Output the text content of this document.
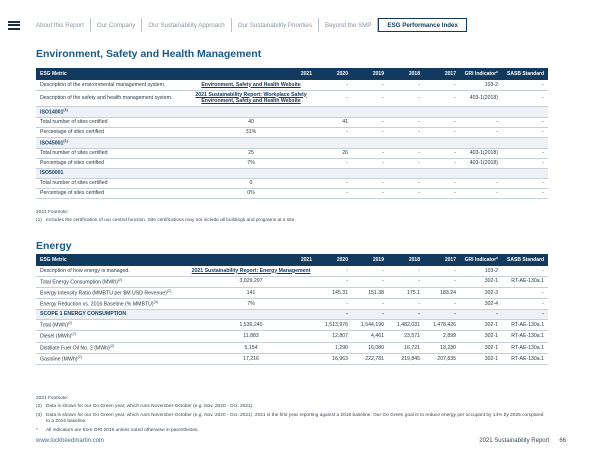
About this Report	Our Company	Our Sustainability Approach	Our Sustainability Priorities	Beyond the SMP	ESG Performance Index
Environment, Safety and Health Management
ESG Metric	2021	2020	2019	2018	2017	GRI Indicator*	SASB Standard
Description of the environmental management system.	Environment, Safety and Health Website	-	-	-	-	103-2	-
Description of the safety and health management system.	2021 Sustainability Report: Workplace Safety Environment, Safety and Health Website	-	-	-	-	403-1(2018)	-
ISO14001$^{(1)}$							
Total number of sites certified	40	41	-	-	-	-	-
Percentage of sites certified	31%	-	-	-	-	-	-
ISO45001$^{(1)}$							
Total number of sites certified	25	26	-	-	-	403-1(2018)	-
Percentage of sites certified	7%	-	-	-	-	403-1(2018)	-
ISO50001							
Total number of sites certified	0	-	-	-	-	-	-
Percentage of sites certified	0%	-	-	-	-	-	-
2021 Footnote:
(1) Includes the certification of our central function. Site certifications may not include all buildings and programs at a site.
Energy
ESG Metric	2021	2020	2019	2018	2017	GRI Indicator*	SASB Standard
Description of how energy is managed.	2021 Sustainability Report: Energy Management	-	-	-	-	103-2	-
Total Energy Consumption (MWh)$^{(2)}$	3,029,297	-	-	-	-	302-1	RT-AE-130a.1
Energy Intensity Ratio (MMBTU per $M USD Revenue)$^{(2)}$	141	145.31	151.38	175.1	183.24	302-3	-
Energy Reduction vs. 2016 Baseline (% MMBTU)$^{(3)}$	7%	-	-	-	-	302-4	-
SCOPE 1 ENERGY CONSUMPTION		-	-	-	-	-	-
Total (MWh)$^{(2)}$	1,536,240	1,513,976	1,544,190	1,482,031	1,478,426	302-1	RT-AE-130a.1
Diesel (MWh)$^{(2)}$	11,883	12,807	4,461	23,571	2,899	302-1	RT-AE-130a.1
Distillate Fuel Oil No. 2 (MWh)$^{(2)}$	5,154	1,290	16,080	16,721	18,230	302-1	RT-AE-130a.1
Gasoline (MWh)$^{(2)}$	17,216	16,963	222,781	219,845	207,835	302-1	RT-AE-130a.1
2021 Footnote:
(2) Data is shown for our Go Green year, which runs November-October (e.g. Nov. 2020 - Oct. 2021).
(3) Data is shown for our Go Green year, which runs November-October (e.g. Nov. 2020 - Oct. 2021). 2021 is the first year reporting against a 2016 baseline. Our Go Green goal is to reduce energy per occupant by 14% by 2025 compared to a 2016 baseline.
*	All indicators are from GRI 2016 unless noted otherwise in parentheses.
www.lockheedmartin.com	2021 Sustainability Report 66
